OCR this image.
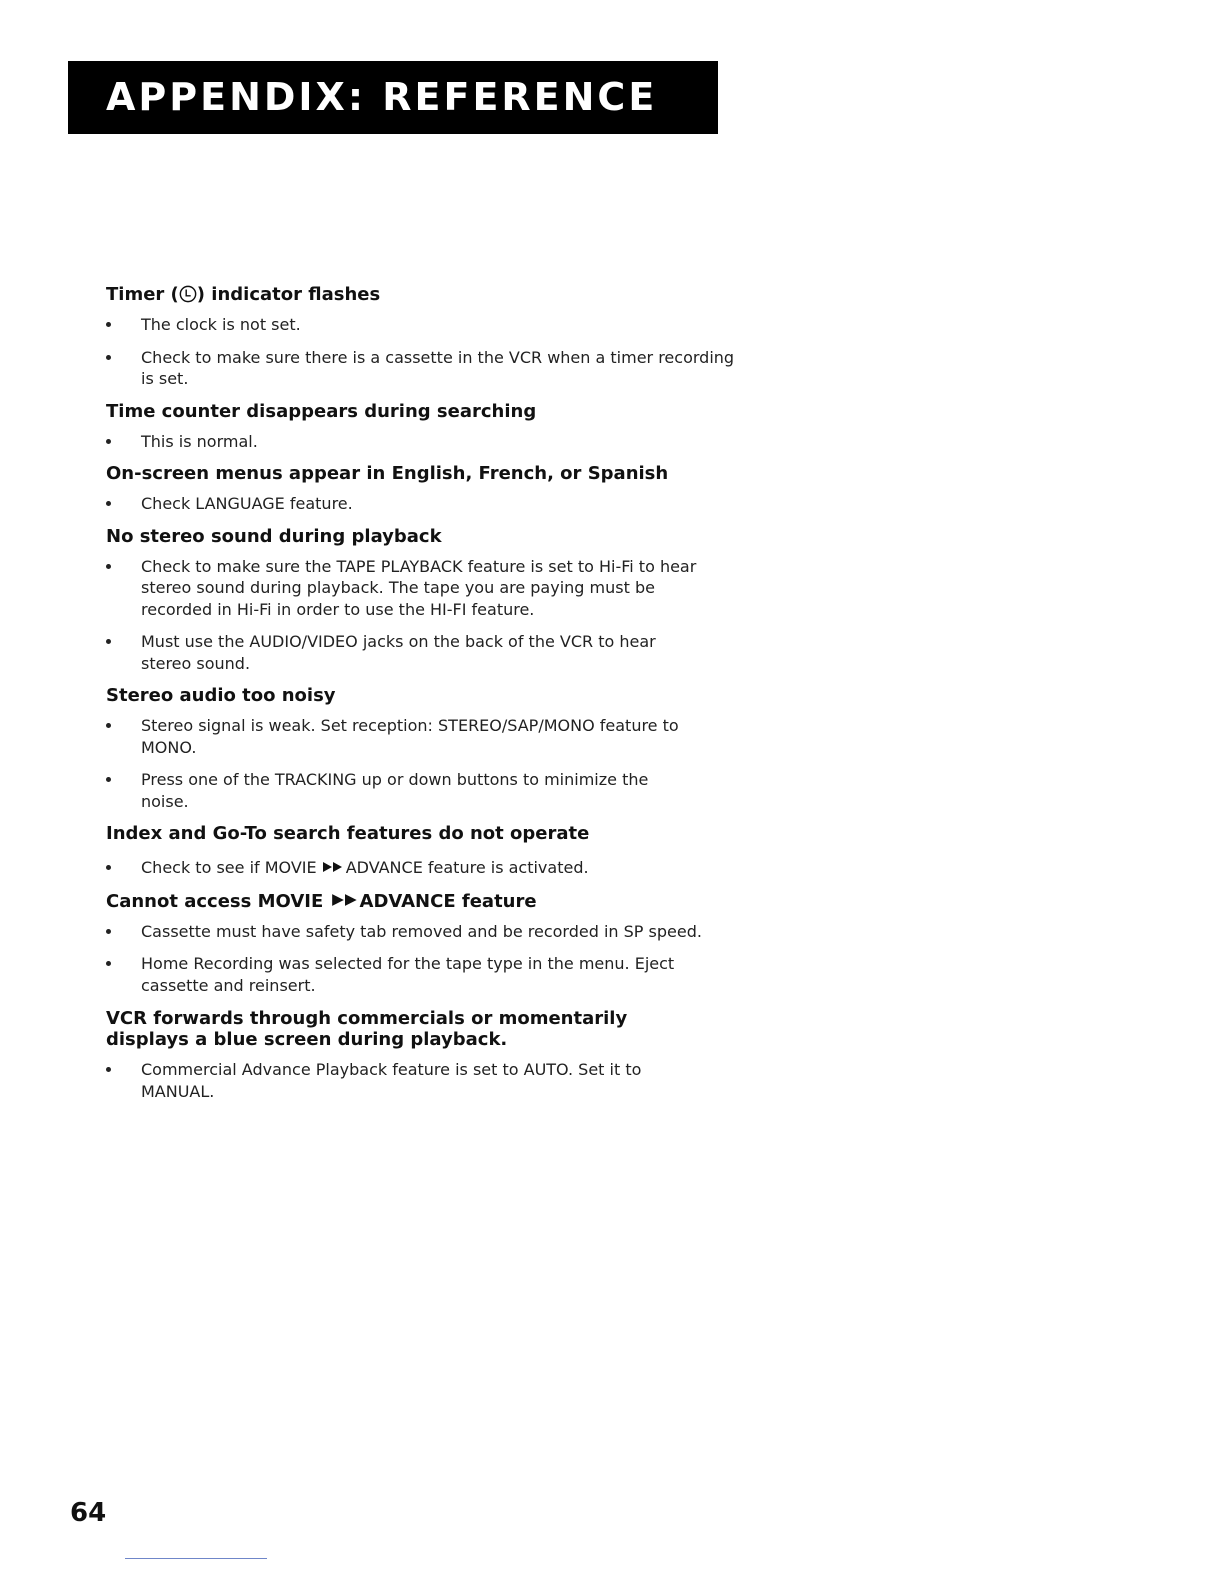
APPENDIX: REFERENCE
Timer ( ) indicator flashes
The clock is not set.
Check to make sure there is a cassette in the VCR when a timer recording is set.
Time counter disappears during searching
This is normal.
On-screen menus appear in English, French, or Spanish
Check LANGUAGE feature.
No stereo sound during playback
Check to make sure the TAPE PLAYBACK feature is set to Hi-Fi to hear stereo sound during playback. The tape you are paying must be recorded in Hi-Fi in order to use the HI-FI feature.
Must use the AUDIO/VIDEO jacks on the back of the VCR to hear stereo sound.
Stereo audio too noisy
Stereo signal is weak. Set reception: STEREO/SAP/MONO feature to MONO.
Press one of the TRACKING up or down buttons to minimize the noise.
Index and Go-To search features do not operate
Check to see if MOVIE ADVANCE feature is activated.
Cannot access MOVIE ADVANCE feature
Cassette must have safety tab removed and be recorded in SP speed.
Home Recording was selected for the tape type in the menu. Eject cassette and reinsert.
VCR forwards through commercials or momentarily displays a blue screen during playback.
Commercial Advance Playback feature is set to AUTO. Set it to MANUAL.
64
